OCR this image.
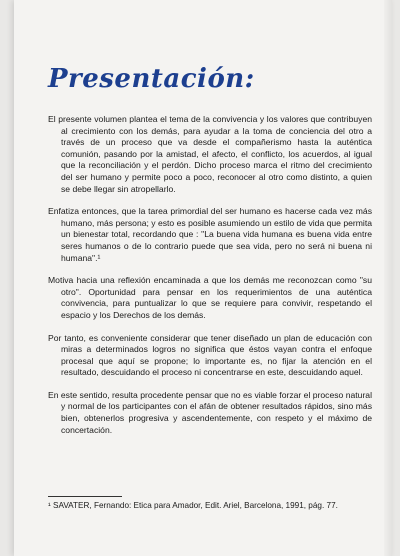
Presentación:

El presente volumen plantea el tema de la convivencia y los valores que contribuyen al crecimiento con los demás, para ayudar a la toma de conciencia del otro a través de un proceso que va desde el compañerismo hasta la auténtica comunión, pasando por la amistad, el afecto, el conflicto, los acuerdos, al igual que la reconciliación y el perdón. Dicho proceso marca el ritmo del crecimiento del ser humano y permite poco a poco, reconocer al otro como distinto, a quien se debe llegar sin atropellarlo.

Enfatiza entonces, que la tarea primordial del ser humano es hacerse cada vez más humano, más persona; y esto es posible asumiendo un estilo de vida que permita un bienestar total, recordando que : "La buena vida humana es buena vida entre seres humanos o de lo contrario puede que sea vida, pero no será ni buena ni humana".¹

Motiva hacia una reflexión encaminada a que los demás me reconozcan como "su otro". Oportunidad para pensar en los requerimientos de una auténtica convivencia, para puntualizar lo que se requiere para convivir, respetando el espacio y los Derechos de los demás.

Por tanto, es conveniente considerar que tener diseñado un plan de educación con miras a determinados logros no significa que éstos vayan contra el enfoque procesal que aquí se propone; lo importante es, no fijar la atención en el resultado, descuidando el proceso ni concentrarse en este, descuidando aquel.

En este sentido, resulta procedente pensar que no es viable forzar el proceso natural y normal de los participantes con el afán de obtener resultados rápidos, sino más bien, obtenerlos progresiva y ascendentemente, con respeto y el máximo de concertación.

¹ SAVATER, Fernando: Etica para Amador, Edit. Ariel, Barcelona, 1991, pág. 77.
